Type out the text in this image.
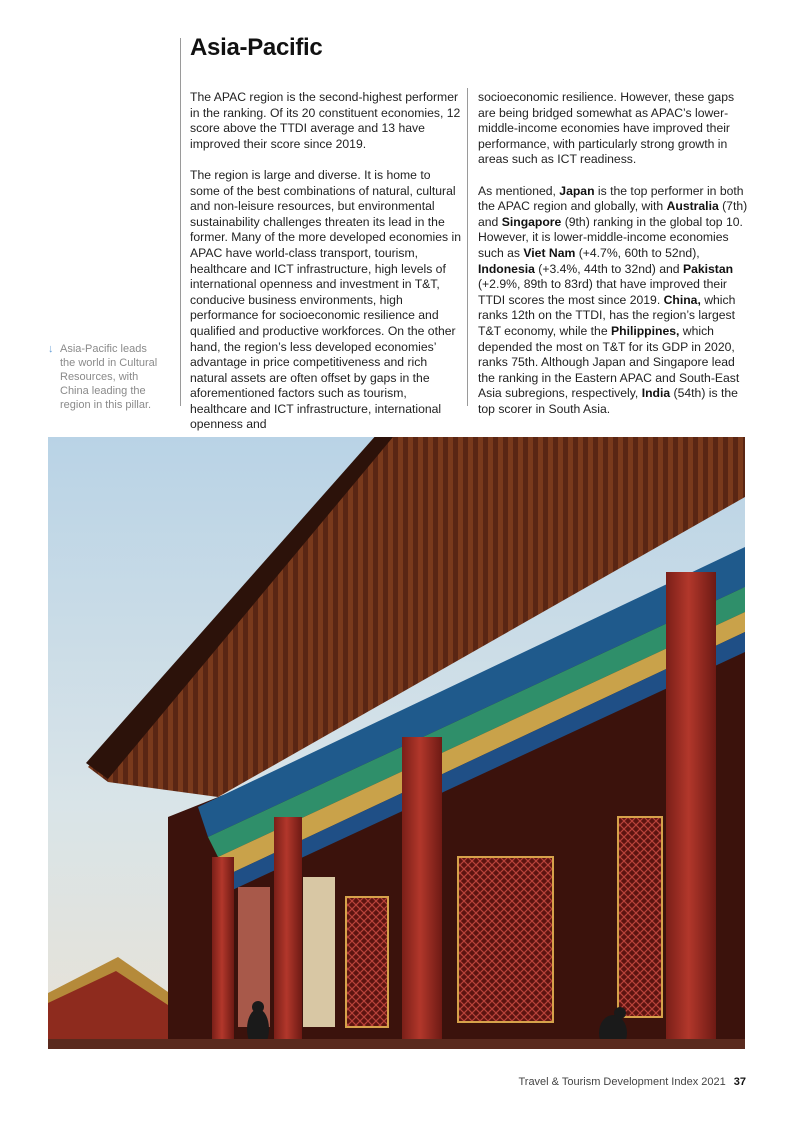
Asia-Pacific

The APAC region is the second-highest performer in the ranking. Of its 20 constituent economies, 12 score above the TTDI average and 13 have improved their score since 2019.

The region is large and diverse. It is home to some of the best combinations of natural, cultural and non-leisure resources, but environmental sustainability challenges threaten its lead in the former. Many of the more developed economies in APAC have world-class transport, tourism, healthcare and ICT infrastructure, high levels of international openness and investment in T&T, conducive business environments, high performance for socioeconomic resilience and qualified and productive workforces. On the other hand, the region’s less developed economies’ advantage in price competitiveness and rich natural assets are often offset by gaps in the aforementioned factors such as tourism, healthcare and ICT infrastructure, international openness and

socioeconomic resilience. However, these gaps are being bridged somewhat as APAC’s lower-middle-income economies have improved their performance, with particularly strong growth in areas such as ICT readiness.

As mentioned, Japan is the top performer in both the APAC region and globally, with Australia (7th) and Singapore (9th) ranking in the global top 10. However, it is lower-middle-income economies such as Viet Nam (+4.7%, 60th to 52nd), Indonesia (+3.4%, 44th to 32nd) and Pakistan (+2.9%, 89th to 83rd) that have improved their TTDI scores the most since 2019. China, which ranks 12th on the TTDI, has the region’s largest T&T economy, while the Philippines, which depended the most on T&T for its GDP in 2020, ranks 75th. Although Japan and Singapore lead the ranking in the Eastern APAC and South-East Asia subregions, respectively, India (54th) is the top scorer in South Asia.

↓ Asia-Pacific leads the world in Cultural Resources, with China leading the region in this pillar.
Travel & Tourism Development Index 2021 37
